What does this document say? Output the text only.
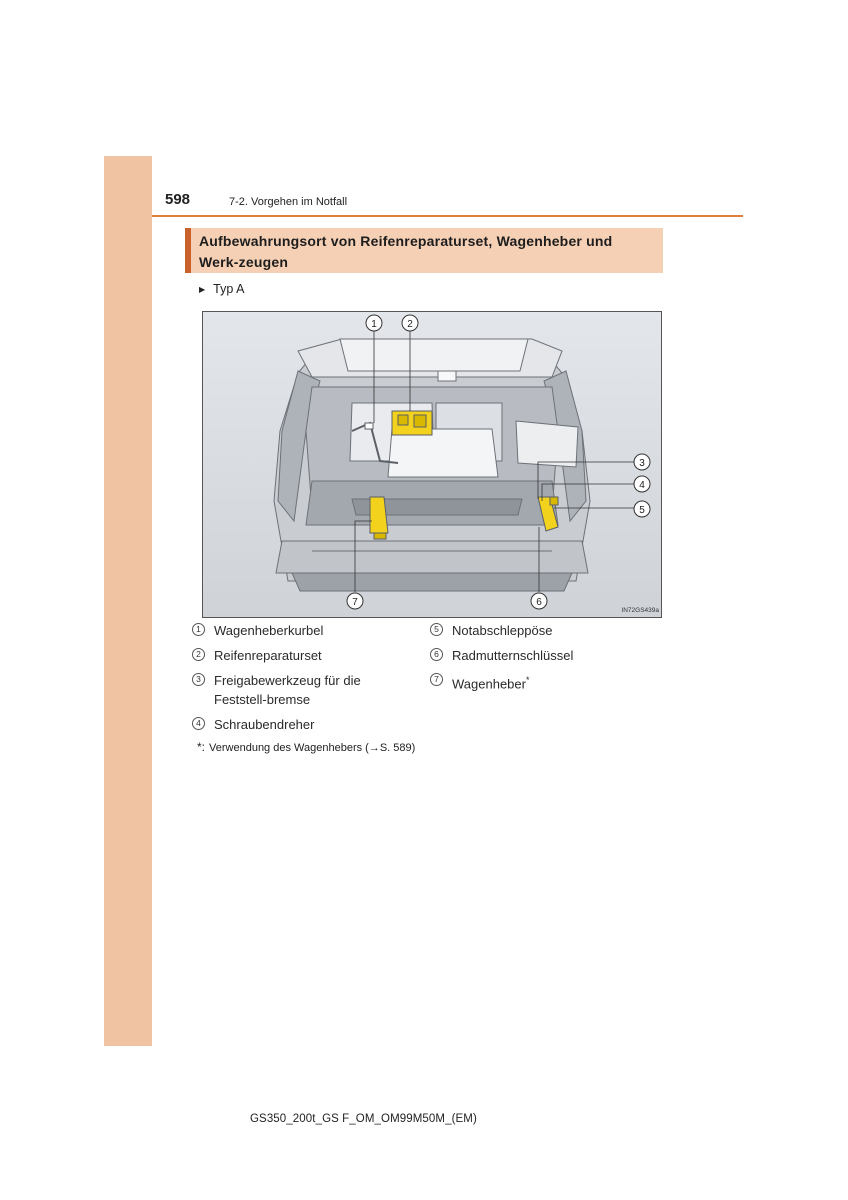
598	7-2. Vorgehen im Notfall
Aufbewahrungsort von Reifenreparaturset, Wagenheber und Werk-zeugen
▶ Typ A
1	2
3
4
5
6
7
IN72GS439a
1	Wagenheberkurbel
2	Reifenreparaturset
3	Freigabewerkzeug für die Feststell-bremse
4	Schraubendreher
5	Notabschleppöse
6	Radmutternschlüssel
7	Wagenheber*
*: Verwendung des Wagenhebers (→S. 589)
GS350_200t_GS F_OM_OM99M50M_(EM)
